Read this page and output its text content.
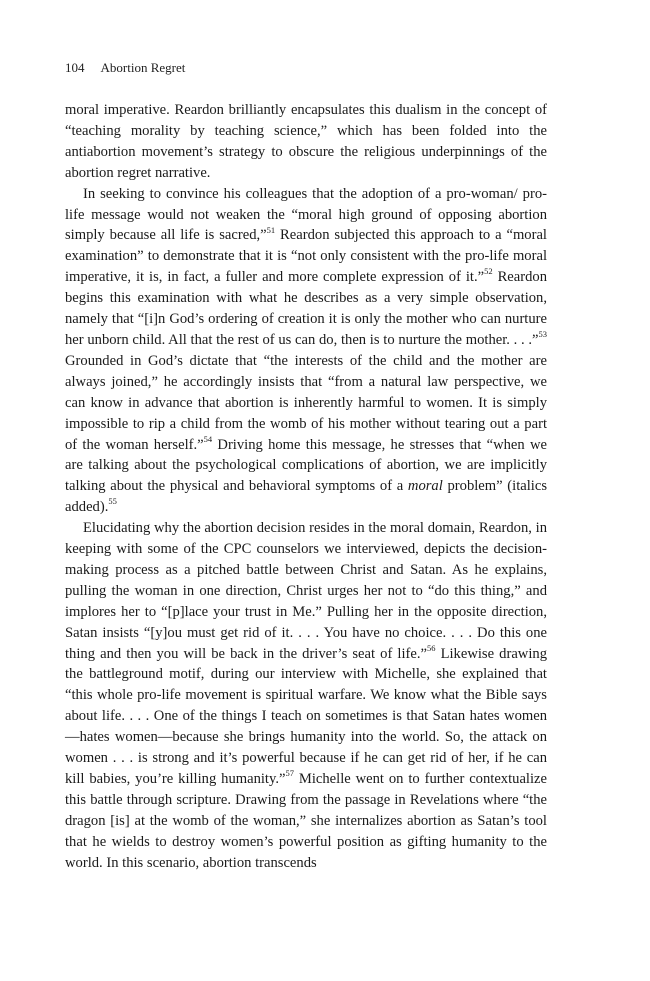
104 Abortion Regret

moral imperative. Reardon brilliantly encapsulates this dualism in the concept of “teaching morality by teaching science,” which has been folded into the antiabortion movement’s strategy to obscure the religious underpinnings of the abortion regret narrative.

In seeking to convince his colleagues that the adoption of a pro-woman/ pro-life message would not weaken the “moral high ground of opposing abortion simply because all life is sacred,”$^{51}$ Reardon subjected this approach to a “moral examination” to demonstrate that it is “not only consistent with the pro-life moral imperative, it is, in fact, a fuller and more complete expression of it.”$^{52}$ Reardon begins this examination with what he describes as a very simple observation, namely that “[i]n God’s ordering of creation it is only the mother who can nurture her unborn child. All that the rest of us can do, then is to nurture the mother. . . .”$^{53}$ Grounded in God’s dictate that “the interests of the child and the mother are always joined,” he accordingly insists that “from a natural law perspective, we can know in advance that abortion is inherently harmful to women. It is simply impossible to rip a child from the womb of his mother without tearing out a part of the woman herself.”$^{54}$ Driving home this message, he stresses that “when we are talking about the psychological complications of abortion, we are implicitly talking about the physical and behavioral symptoms of a moral problem” (italics added).$^{55}$

Elucidating why the abortion decision resides in the moral domain, Reardon, in keeping with some of the CPC counselors we interviewed, depicts the decision-making process as a pitched battle between Christ and Satan. As he explains, pulling the woman in one direction, Christ urges her not to “do this thing,” and implores her to “[p]lace your trust in Me.” Pulling her in the opposite direction, Satan insists “[y]ou must get rid of it. . . . You have no choice. . . . Do this one thing and then you will be back in the driver’s seat of life.”$^{56}$ Likewise drawing the battleground motif, during our interview with Michelle, she explained that “this whole pro-life movement is spiritual warfare. We know what the Bible says about life. . . . One of the things I teach on sometimes is that Satan hates women—hates women—because she brings humanity into the world. So, the attack on women . . . is strong and it’s powerful because if he can get rid of her, if he can kill babies, you’re killing humanity.”$^{57}$ Michelle went on to further contextualize this battle through scripture. Drawing from the passage in Revelations where “the dragon [is] at the womb of the woman,” she internalizes abortion as Satan’s tool that he wields to destroy women’s powerful position as gifting humanity to the world. In this scenario, abortion transcends
